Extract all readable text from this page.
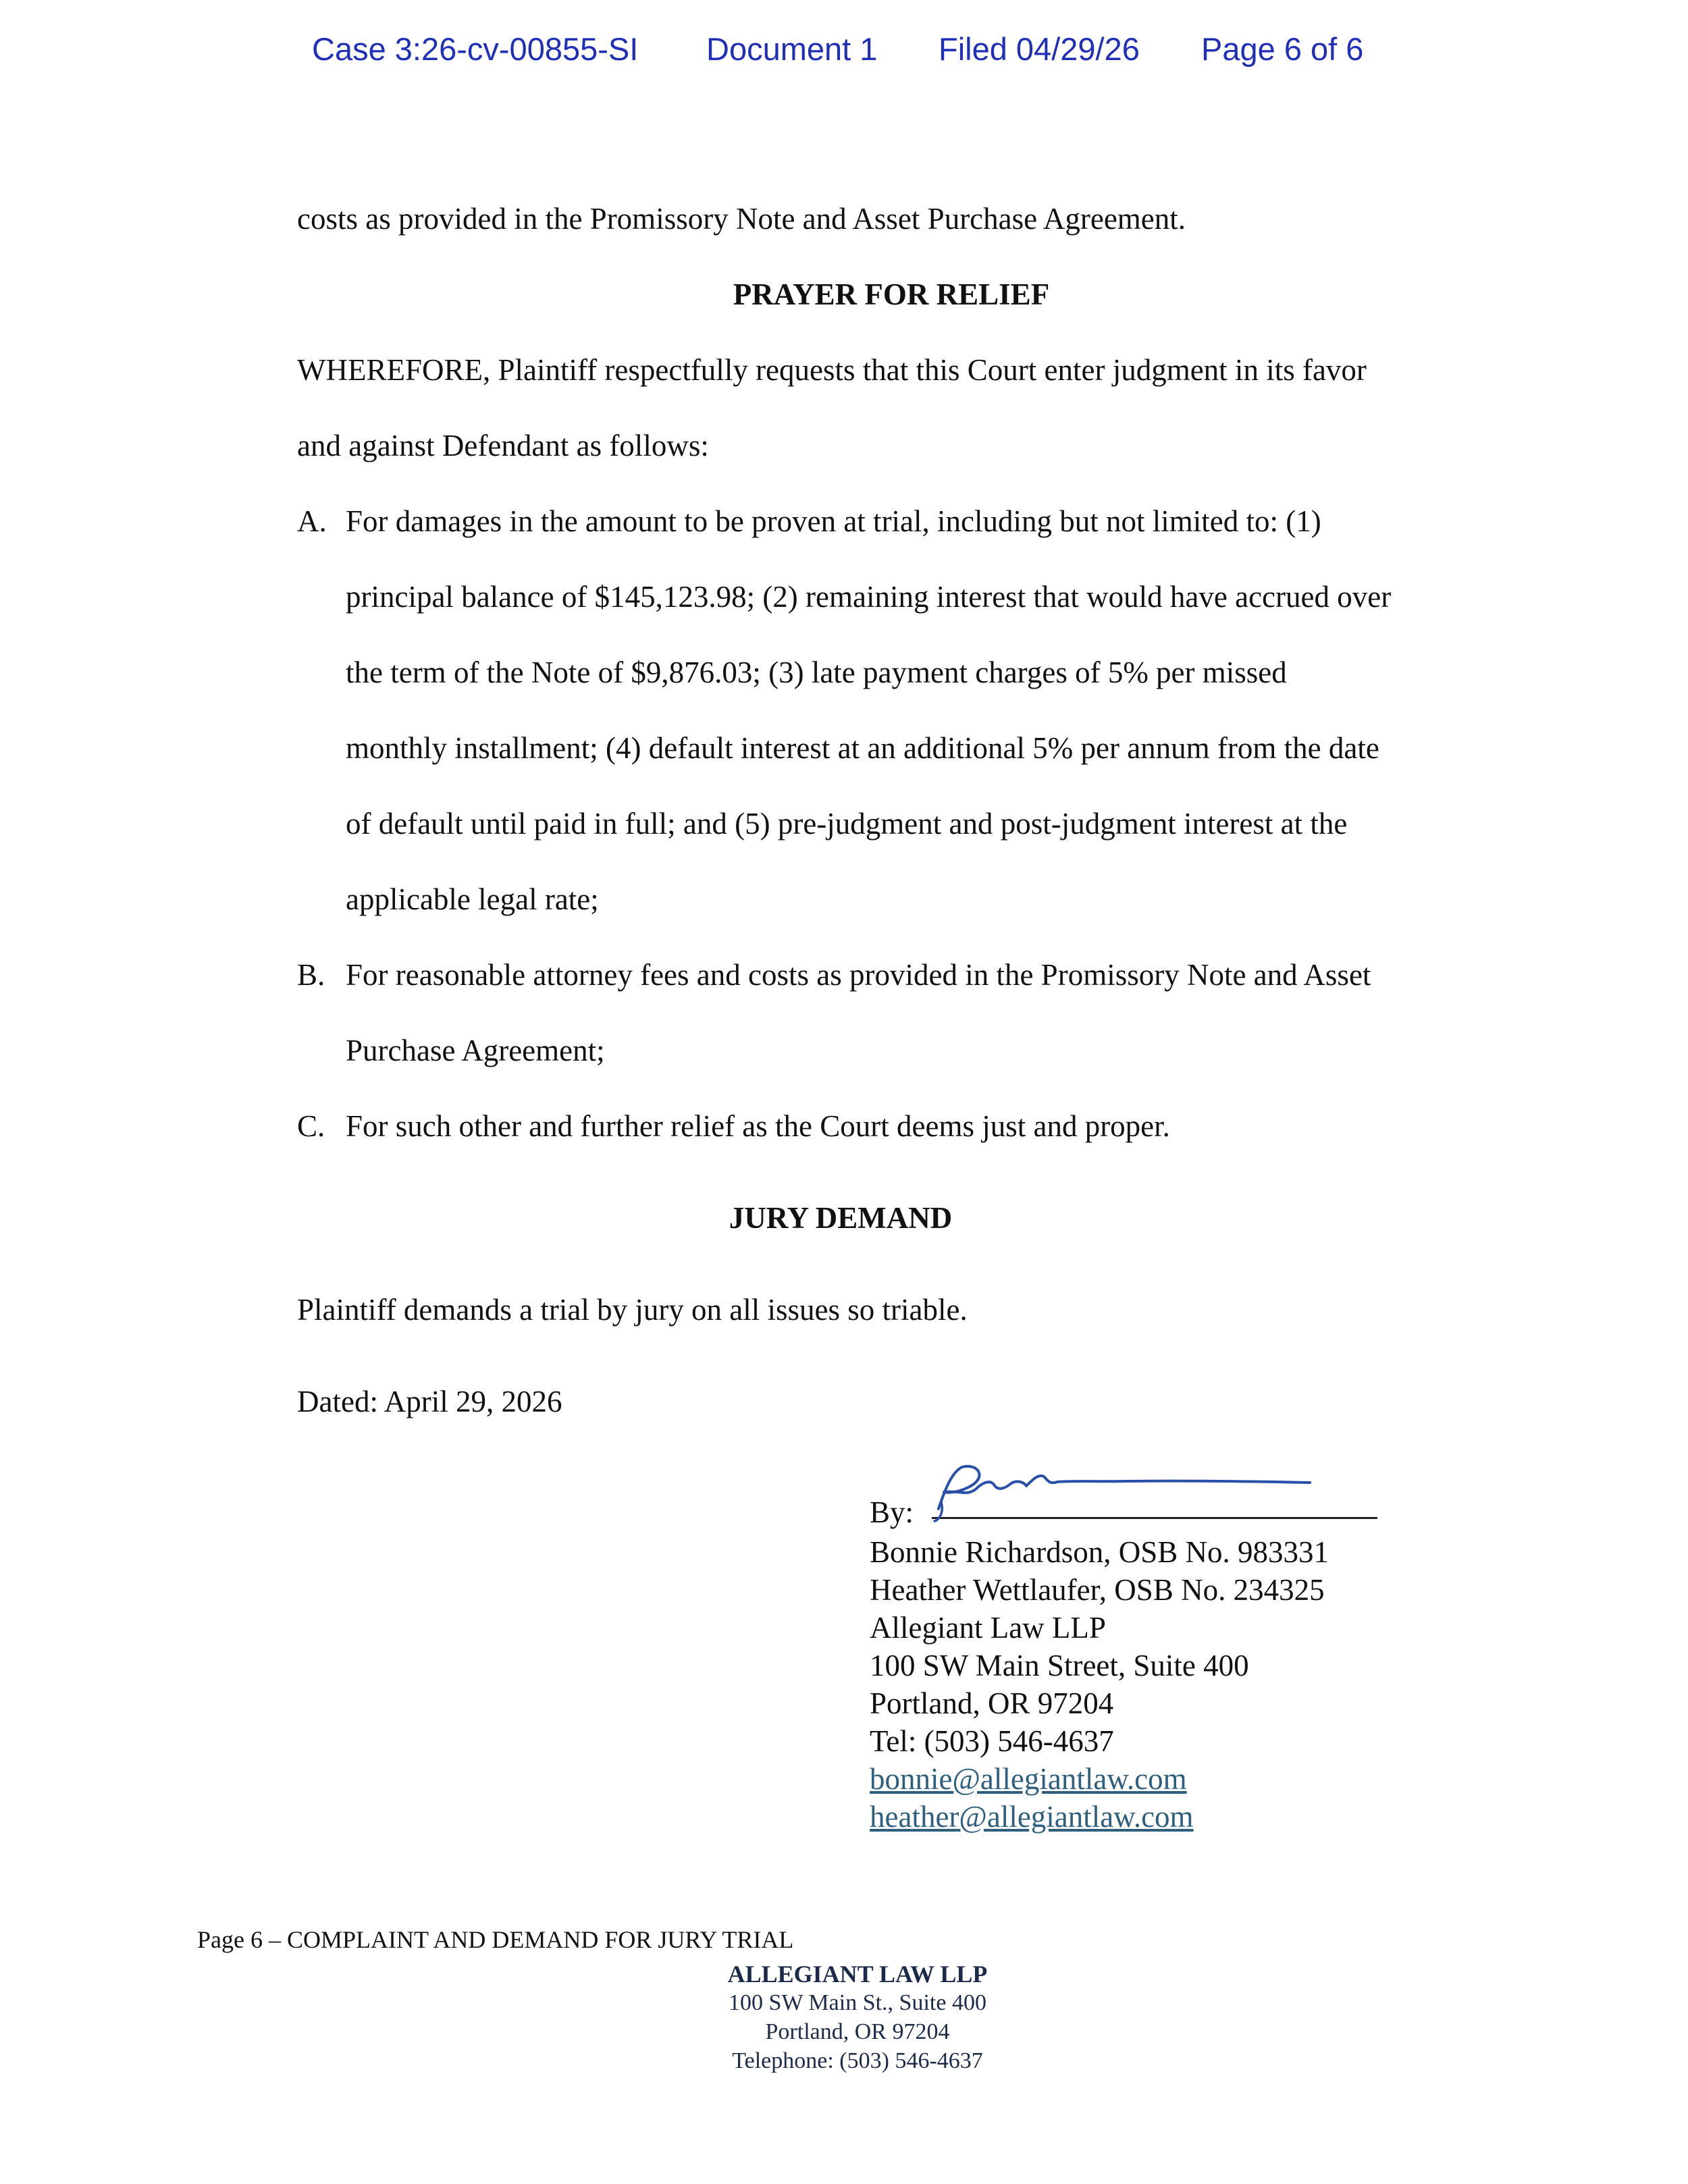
Case 3:26-cv-00855-SI Document 1 Filed 04/29/26 Page 6 of 6
costs as provided in the Promissory Note and Asset Purchase Agreement.
PRAYER FOR RELIEF
WHEREFORE, Plaintiff respectfully requests that this Court enter judgment in its favor
and against Defendant as follows:
A. For damages in the amount to be proven at trial, including but not limited to: (1)
principal balance of $145,123.98; (2) remaining interest that would have accrued over
the term of the Note of $9,876.03; (3) late payment charges of 5% per missed
monthly installment; (4) default interest at an additional 5% per annum from the date
of default until paid in full; and (5) pre-judgment and post-judgment interest at the
applicable legal rate;
B. For reasonable attorney fees and costs as provided in the Promissory Note and Asset
Purchase Agreement;
C. For such other and further relief as the Court deems just and proper.
JURY DEMAND
Plaintiff demands a trial by jury on all issues so triable.
Dated: April 29, 2026
By:
Bonnie Richardson, OSB No. 983331
Heather Wettlaufer, OSB No. 234325
Allegiant Law LLP
100 SW Main Street, Suite 400
Portland, OR 97204
Tel: (503) 546-4637
bonnie@allegiantlaw.com
heather@allegiantlaw.com
Page 6 – COMPLAINT AND DEMAND FOR JURY TRIAL
ALLEGIANT LAW LLP
100 SW Main St., Suite 400
Portland, OR 97204
Telephone: (503) 546-4637
